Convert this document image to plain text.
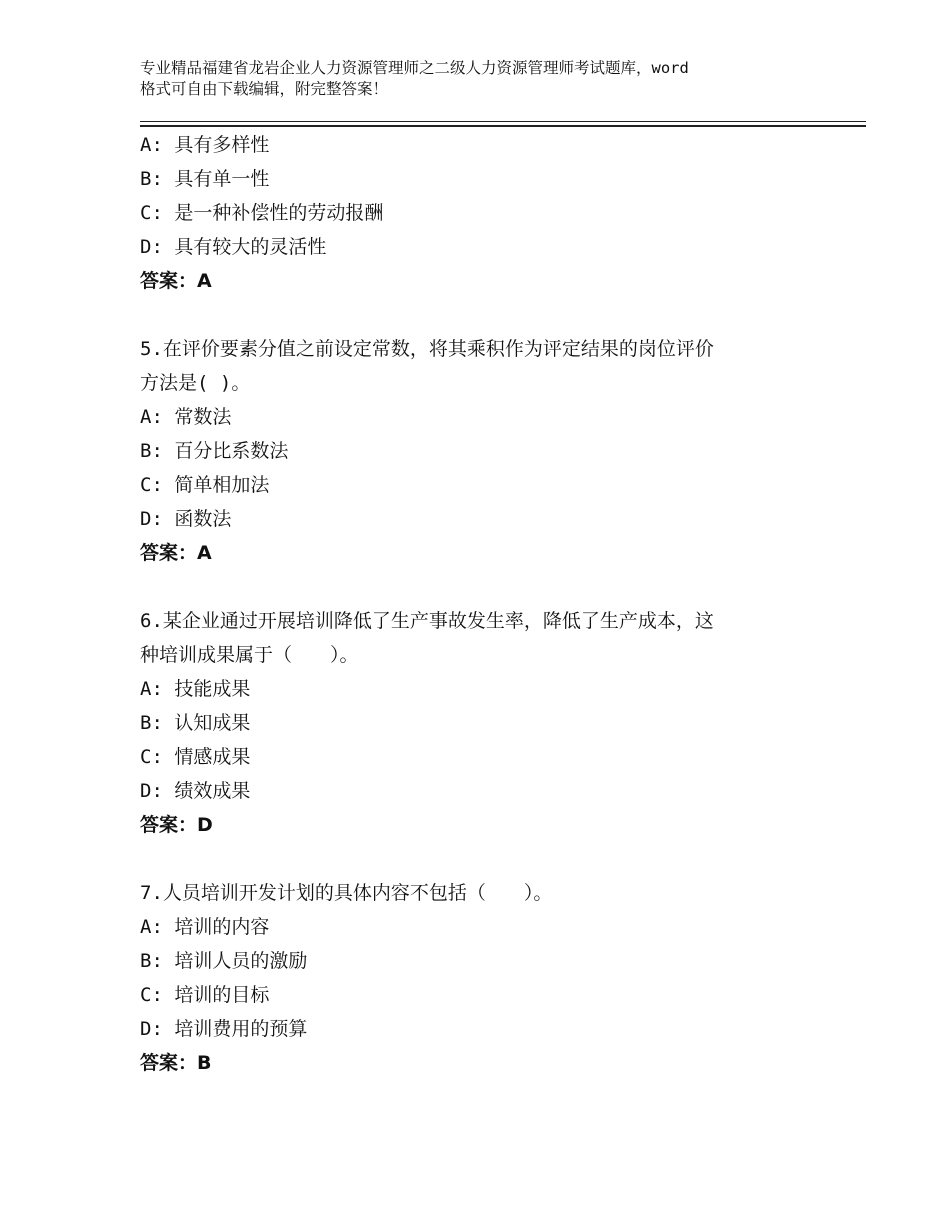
专业精品福建省龙岩企业人力资源管理师之二级人力资源管理师考试题库，word
格式可自由下载编辑，附完整答案！
A: 具有多样性
B: 具有单一性
C: 是一种补偿性的劳动报酬
D: 具有较大的灵活性
答案：A
5.在评价要素分值之前设定常数，将其乘积作为评定结果的岗位评价
方法是( )。
A: 常数法
B: 百分比系数法
C: 简单相加法
D: 函数法
答案：A
6.某企业通过开展培训降低了生产事故发生率，降低了生产成本，这
种培训成果属于（　　）。
A: 技能成果
B: 认知成果
C: 情感成果
D: 绩效成果
答案：D
7.人员培训开发计划的具体内容不包括（　　）。
A: 培训的内容
B: 培训人员的激励
C: 培训的目标
D: 培训费用的预算
答案：B
